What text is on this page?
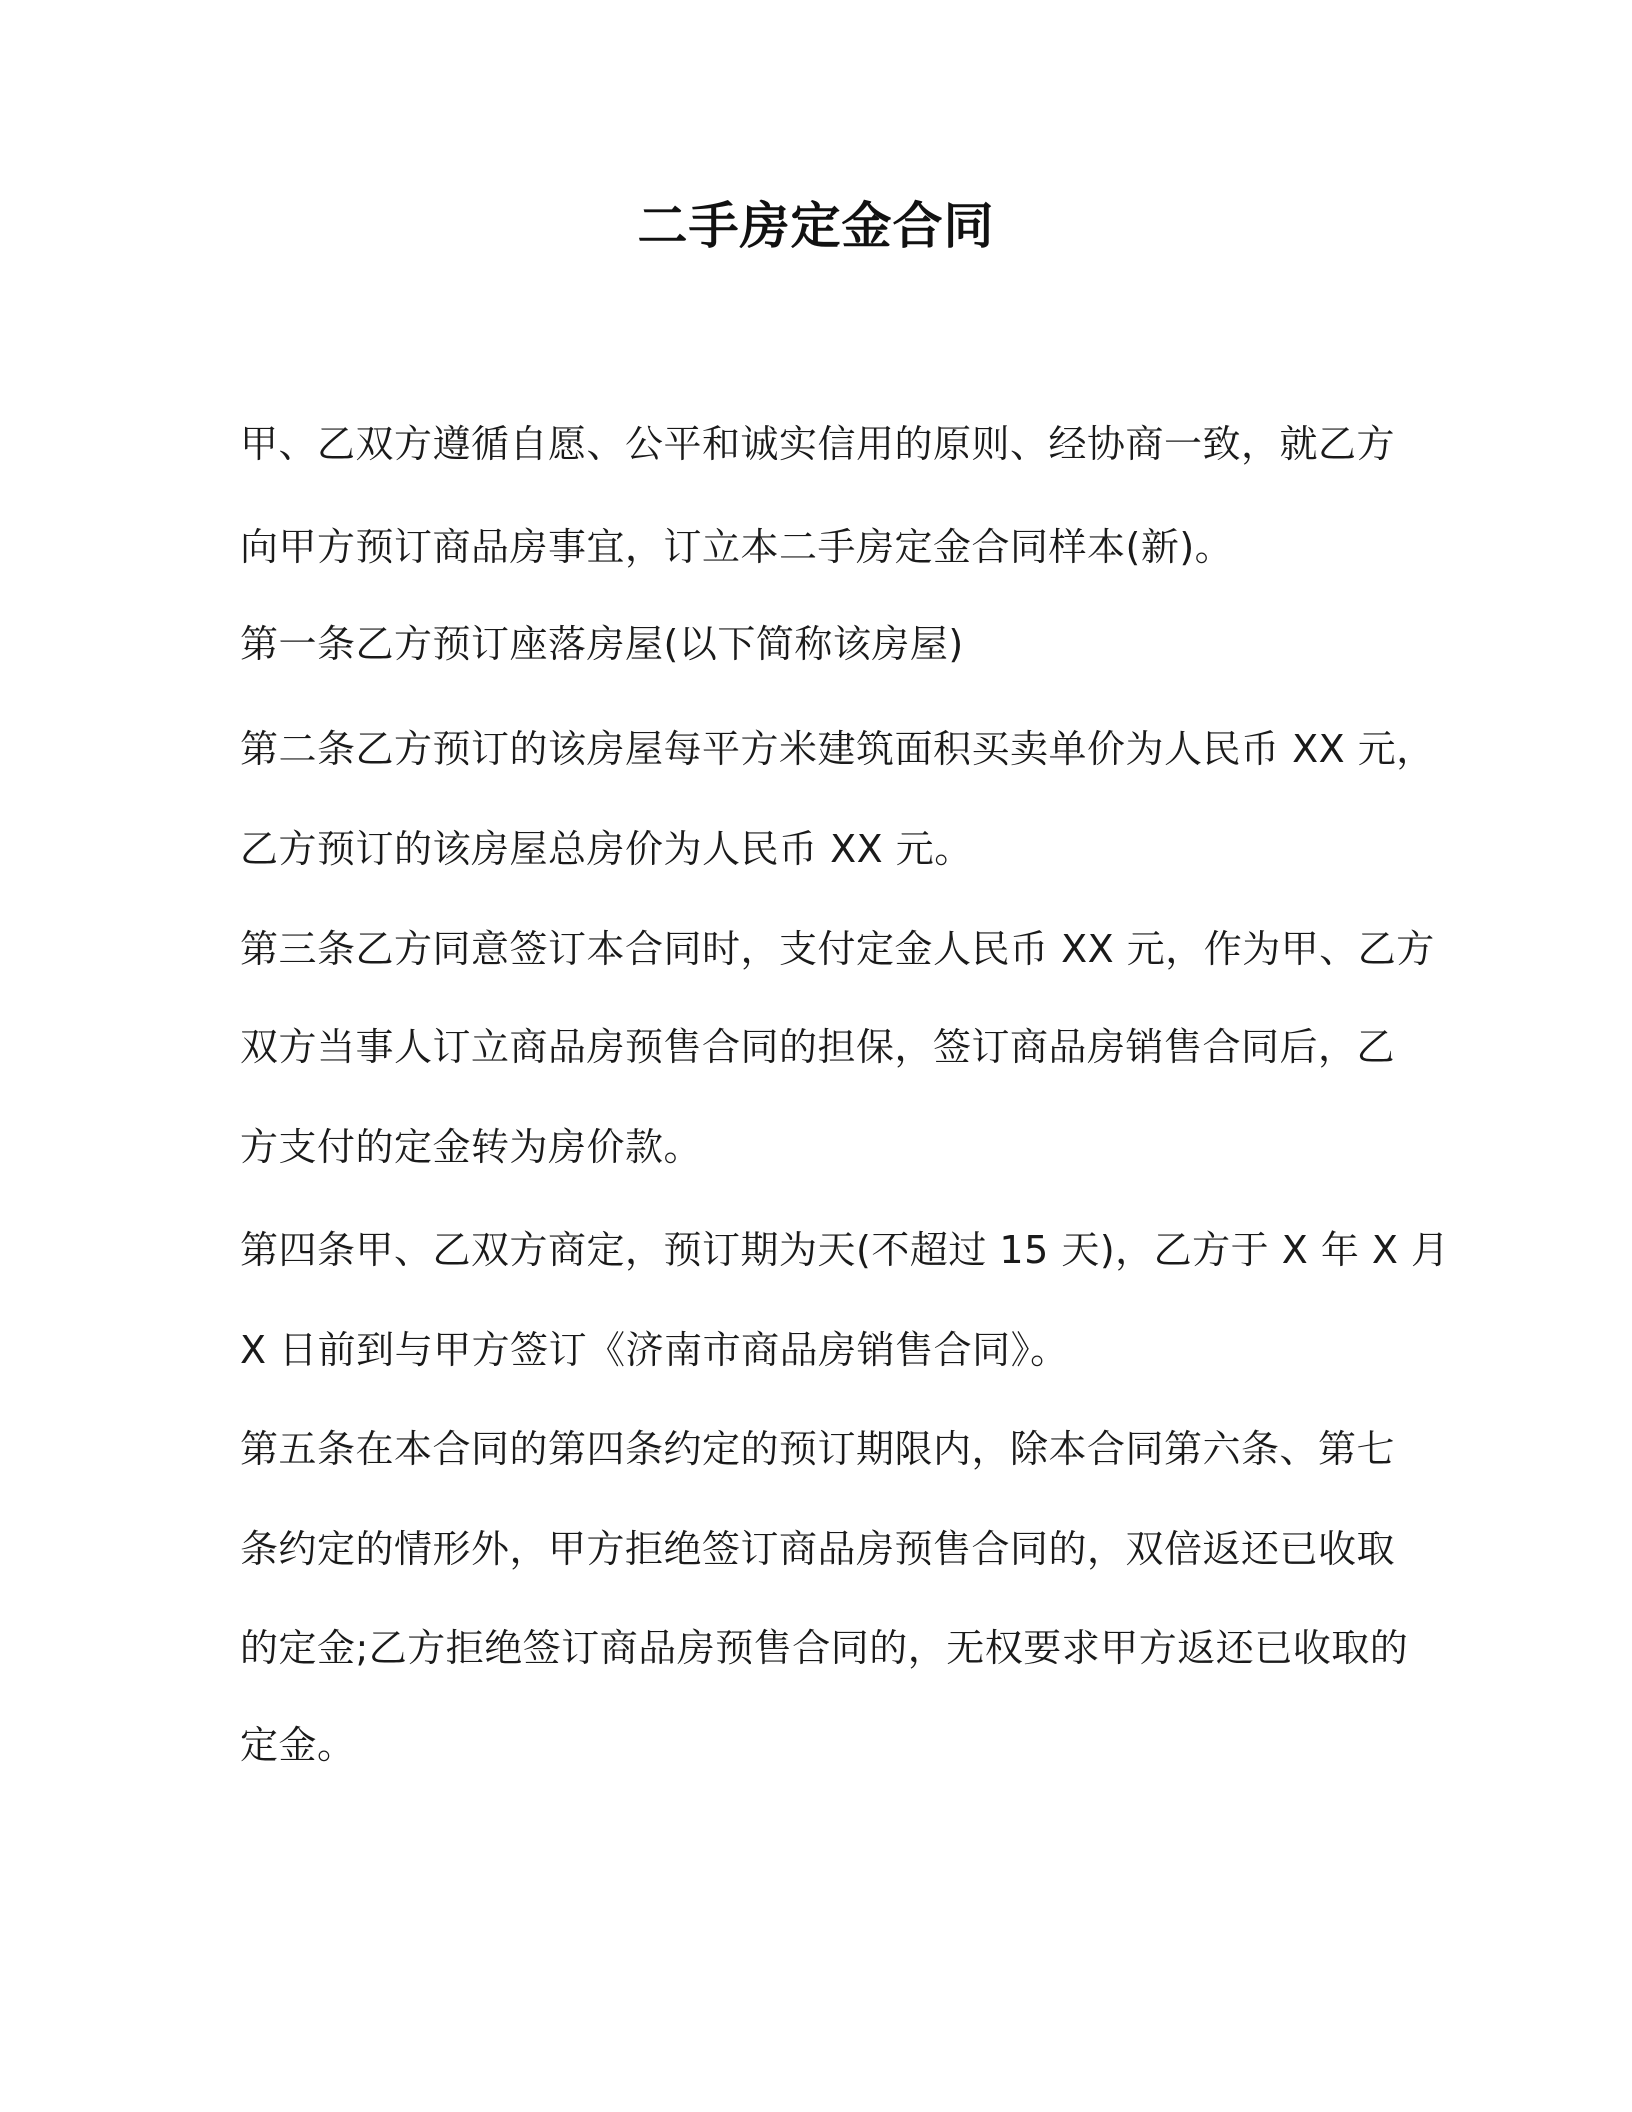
二手房定金合同
甲、乙双方遵循自愿、公平和诚实信用的原则、经协商一致，就乙方
向甲方预订商品房事宜，订立本二手房定金合同样本(新)。
第一条乙方预订座落房屋(以下简称该房屋)
第二条乙方预订的该房屋每平方米建筑面积买卖单价为人民币 XX 元，
乙方预订的该房屋总房价为人民币 XX 元。
第三条乙方同意签订本合同时，支付定金人民币 XX 元，作为甲、乙方
双方当事人订立商品房预售合同的担保，签订商品房销售合同后，乙
方支付的定金转为房价款。
第四条甲、乙双方商定，预订期为天(不超过 15 天)，乙方于 X 年 X 月
X 日前到与甲方签订《济南市商品房销售合同》。
第五条在本合同的第四条约定的预订期限内，除本合同第六条、第七
条约定的情形外，甲方拒绝签订商品房预售合同的，双倍返还已收取
的定金;乙方拒绝签订商品房预售合同的，无权要求甲方返还已收取的
定金。
